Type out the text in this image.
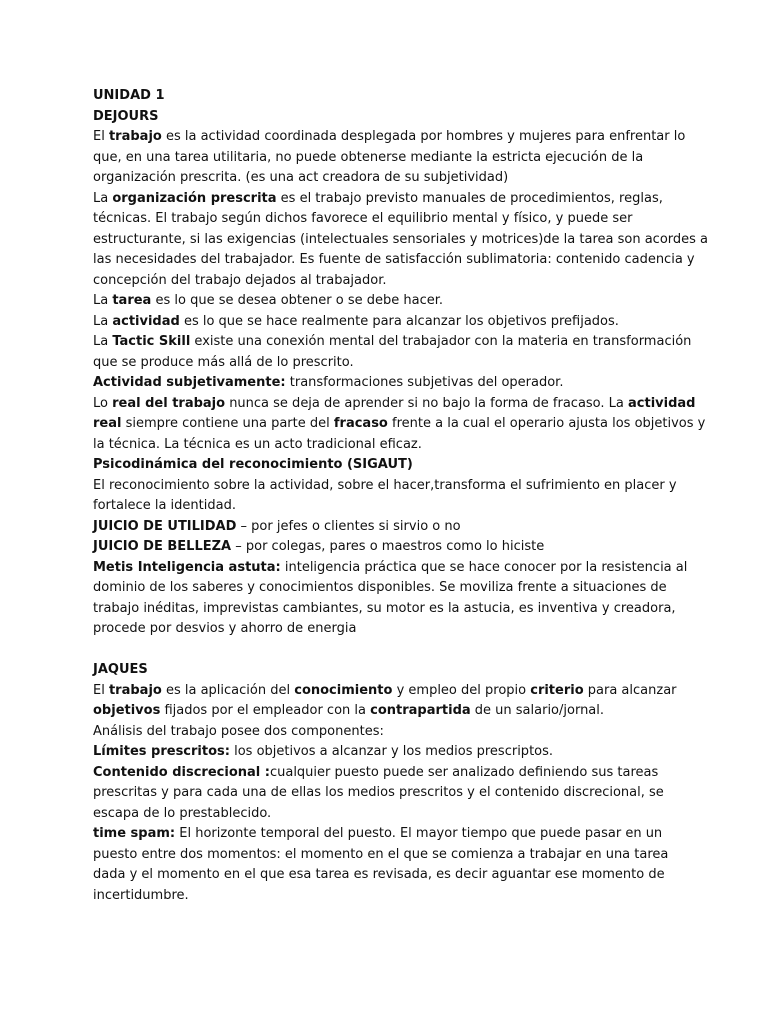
UNIDAD 1
DEJOURS
El trabajo es la actividad coordinada desplegada por hombres y mujeres para enfrentar lo
que, en una tarea utilitaria, no puede obtenerse mediante la estricta ejecución de la
organización prescrita. (es una act creadora de su subjetividad)
La organización prescrita es el trabajo previsto manuales de procedimientos, reglas,
técnicas. El trabajo según dichos favorece el equilibrio mental y físico, y puede ser
estructurante, si las exigencias (intelectuales sensoriales y motrices)de la tarea son acordes a
las necesidades del trabajador. Es fuente de satisfacción sublimatoria: contenido cadencia y
concepción del trabajo dejados al trabajador.
La tarea es lo que se desea obtener o se debe hacer.
La actividad es lo que se hace realmente para alcanzar los objetivos prefijados.
La Tactic Skill existe una conexión mental del trabajador con la materia en transformación
que se produce más allá de lo prescrito.
Actividad subjetivamente: transformaciones subjetivas del operador.
Lo real del trabajo nunca se deja de aprender si no bajo la forma de fracaso. La actividad
real siempre contiene una parte del fracaso frente a la cual el operario ajusta los objetivos y
la técnica. La técnica es un acto tradicional eficaz.
Psicodinámica del reconocimiento (SIGAUT)
El reconocimiento sobre la actividad, sobre el hacer,transforma el sufrimiento en placer y
fortalece la identidad.
JUICIO DE UTILIDAD – por jefes o clientes si sirvio o no
JUICIO DE BELLEZA – por colegas, pares o maestros como lo hiciste
Metis Inteligencia astuta: inteligencia práctica que se hace conocer por la resistencia al
dominio de los saberes y conocimientos disponibles. Se moviliza frente a situaciones de
trabajo inéditas, imprevistas cambiantes, su motor es la astucia, es inventiva y creadora,
procede por desvios y ahorro de energia
JAQUES
El trabajo es la aplicación del conocimiento y empleo del propio criterio para alcanzar
objetivos fijados por el empleador con la contrapartida de un salario/jornal.
Análisis del trabajo posee dos componentes:
Límites prescritos: los objetivos a alcanzar y los medios prescriptos.
Contenido discrecional :cualquier puesto puede ser analizado definiendo sus tareas
prescritas y para cada una de ellas los medios prescritos y el contenido discrecional, se
escapa de lo prestablecido.
time spam: El horizonte temporal del puesto. El mayor tiempo que puede pasar en un
puesto entre dos momentos: el momento en el que se comienza a trabajar en una tarea
dada y el momento en el que esa tarea es revisada, es decir aguantar ese momento de
incertidumbre.
